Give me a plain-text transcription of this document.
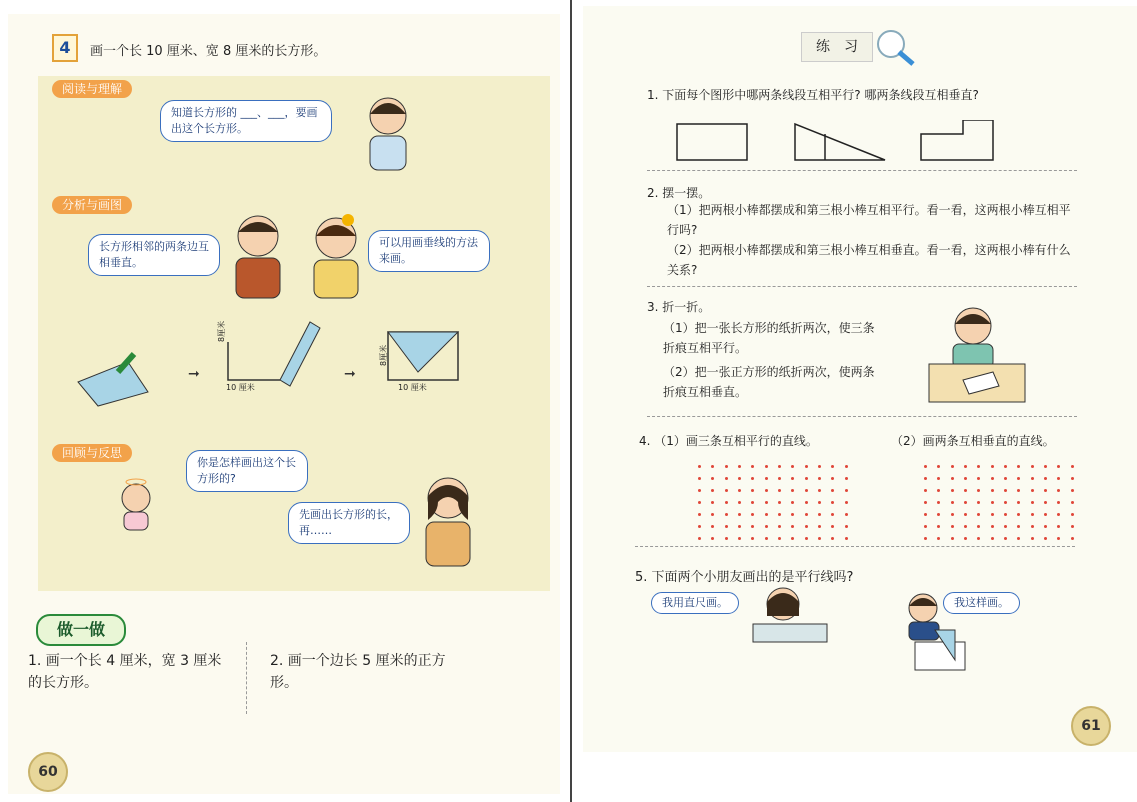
4	画一个长 10 厘米、宽 8 厘米的长方形。
阅读与理解
知道长方形的 ___、___，要画出这个长方形。
分析与画图
长方形相邻的两条边互相垂直。
可以用画垂线的方法来画。
➞	➞
8厘米
10 厘米
8厘米
10 厘米
回顾与反思
你是怎样画出这个长方形的?
先画出长方形的长，再……
做一做
1. 画一个长 4 厘米，宽 3 厘米的长方形。
2. 画一个边长 5 厘米的正方形。
60
练　习
1. 下面每个图形中哪两条线段互相平行? 哪两条线段互相垂直?
2. 摆一摆。
（1）把两根小棒都摆成和第三根小棒互相平行。看一看，这两根小棒互相平行吗?
（2）把两根小棒都摆成和第三根小棒互相垂直。看一看，这两根小棒有什么关系?
3. 折一折。
（1）把一张长方形的纸折两次，使三条折痕互相平行。
（2）把一张正方形的纸折两次，使两条折痕互相垂直。
4. （1）画三条互相平行的直线。	（2）画两条互相垂直的直线。
5. 下面两个小朋友画出的是平行线吗?
我用直尺画。	我这样画。
61
